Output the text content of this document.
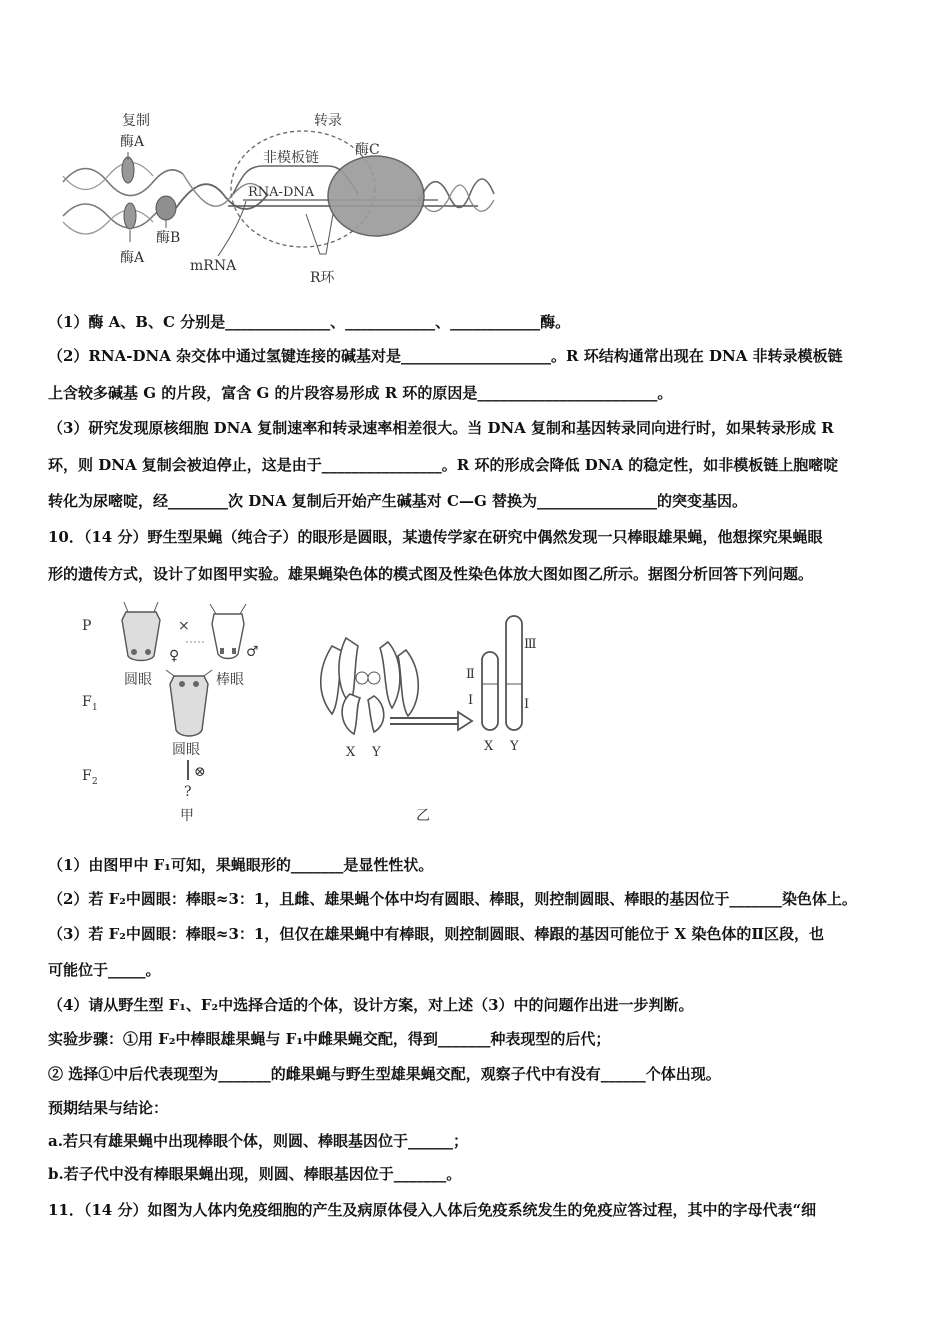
复制
酶A
酶A
酶B
转录
非模板链
RNA-DNA
酶C
mRNA
R环
（1）酶 A、B、C 分别是______________、____________、____________酶。
（2）RNA-DNA 杂交体中通过氢键连接的碱基对是____________________。R 环结构通常出现在 DNA 非转录模板链
上含较多碱基 G 的片段，富含 G 的片段容易形成 R 环的原因是________________________。
（3）研究发现原核细胞 DNA 复制速率和转录速率相差很大。当 DNA 复制和基因转录同向进行时，如果转录形成 R
环，则 DNA 复制会被迫停止，这是由于________________。R 环的形成会降低 DNA 的稳定性，如非模板链上胞嘧啶
转化为尿嘧啶，经________次 DNA 复制后开始产生碱基对 C—G 替换为________________的突变基因。
10．（14 分）野生型果蝇（纯合子）的眼形是圆眼，某遗传学家在研究中偶然发现一只棒眼雄果蝇，他想探究果蝇眼
形的遗传方式，设计了如图甲实验。雄果蝇染色体的模式图及性染色体放大图如图乙所示。据图分析回答下列问题。
P
F 1
F 2
×
♀	♂
圆眼	棒眼
圆眼
⊗
?
甲
X Y
Ⅱ
Ⅰ
Ⅲ
Ⅰ
X Y
乙
（1）由图甲中 F₁可知，果蝇眼形的_______是显性性状。
（2）若 F₂中圆眼：棒眼≈3：1，且雌、雄果蝇个体中均有圆眼、棒眼，则控制圆眼、棒眼的基因位于_______染色体上。
（3）若 F₂中圆眼：棒眼≈3：1，但仅在雄果蝇中有棒眼，则控制圆眼、棒跟的基因可能位于 X 染色体的Ⅱ区段，也
可能位于_____。
（4）请从野生型 F₁、F₂中选择合适的个体，设计方案，对上述（3）中的问题作出进一步判断。
实验步骤：①用 F₂中棒眼雄果蝇与 F₁中雌果蝇交配，得到_______种表现型的后代；
② 选择①中后代表现型为_______的雌果蝇与野生型雄果蝇交配，观察子代中有没有______个体出现。
预期结果与结论：
a.若只有雄果蝇中出现棒眼个体，则圆、棒眼基因位于______；
b.若子代中没有棒眼果蝇出现，则圆、棒眼基因位于_______。
11．（14 分）如图为人体内免疫细胞的产生及病原体侵入人体后免疫系统发生的免疫应答过程，其中的字母代表“细
